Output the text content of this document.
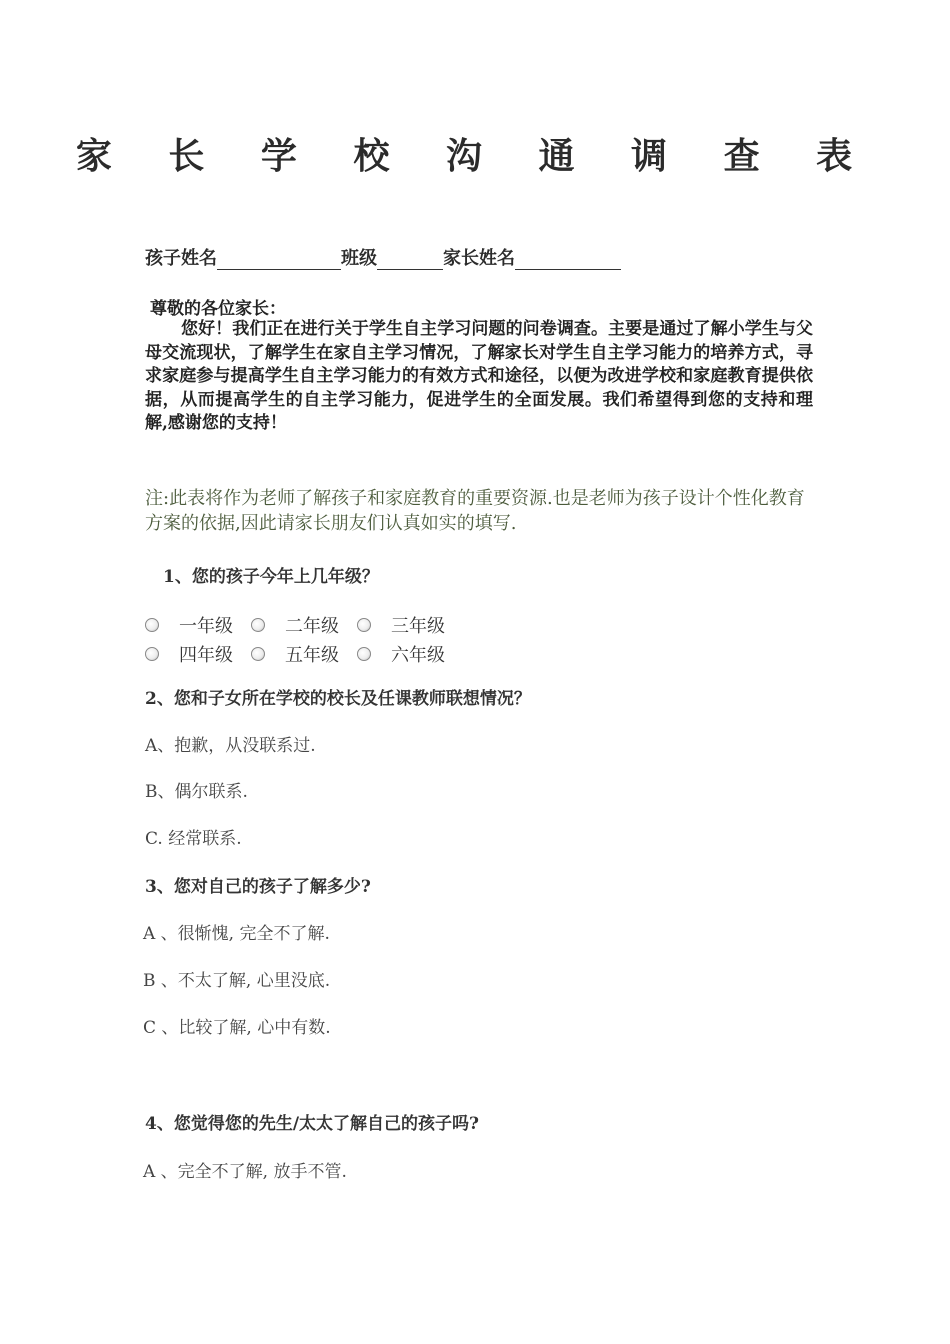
家 长 学 校 沟 通 调 查 表
孩子姓名	班级	家长姓名
尊敬的各位家长：
您好！我们正在进行关于学生自主学习问题的问卷调查。主要是通过了解小学生与父母交流现状，了解学生在家自主学习情况，了解家长对学生自主学习能力的培养方式，寻求家庭参与提高学生自主学习能力的有效方式和途径，以便为改进学校和家庭教育提供依据，从而提高学生的自主学习能力，促进学生的全面发展。我们希望得到您的支持和理解,感谢您的支持！
注:此表将作为老师了解孩子和家庭教育的重要资源.也是老师为孩子设计个性化教育方案的依据,因此请家长朋友们认真如实的填写.
1、您的孩子今年上几年级？
一年级	二年级	三年级
四年级	五年级	六年级
2、您和子女所在学校的校长及任课教师联想情况？
A、抱歉，从没联系过.
B、偶尔联系.
C. 经常联系.
3、您对自己的孩子了解多少?
A 、很惭愧, 完全不了解.
B 、不太了解, 心里没底.
C 、比较了解, 心中有数.
4、您觉得您的先生/太太了解自己的孩子吗?
A 、完全不了解, 放手不管.
